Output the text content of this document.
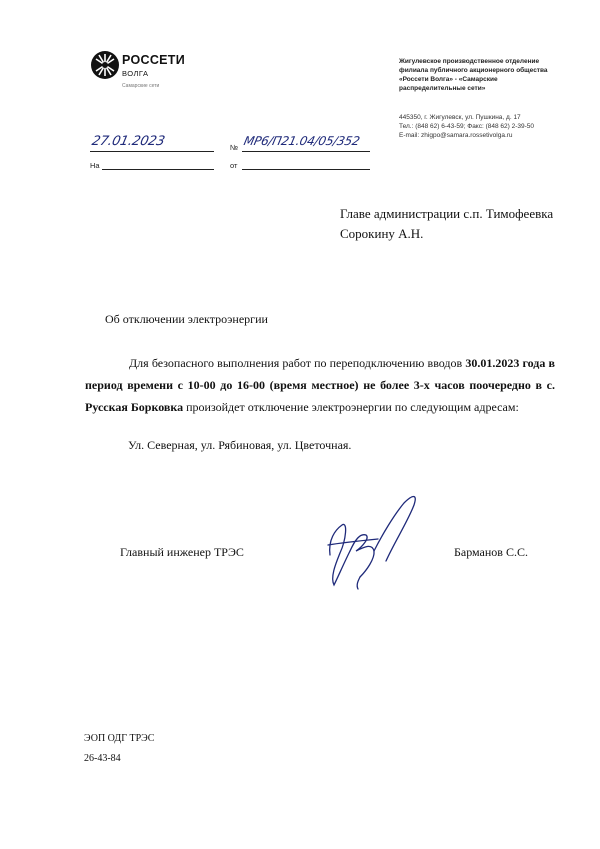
РОССЕТИ
ВОЛГА
Самарские сети
Жигулевское производственное отделение
филиала публичного акционерного общества
«Россети Волга» - «Самарские
распределительные сети»
445350, г. Жигулевск, ул. Пушкина, д. 17
Тел.: (848 62) 6-43-59; Факс: (848 62) 2-39-50
E-mail: zhigpo@samara.rossetivolga.ru
27.01.2023	№ МР6/П21.04/05/352
На	от
Главе администрации с.п. Тимофеевка
Сорокину А.Н.
Об отключении электроэнергии

Для безопасного выполнения работ по переподключению вводов 30.01.2023 года в период времени с 10-00 до 16-00 (время местное) не более 3-х часов поочередно в с. Русская Борковка произойдет отключение электроэнергии по следующим адресам:

Ул. Северная, ул. Рябиновая, ул. Цветочная.
Главный инженер ТРЭС	Барманов С.С.
ЭОП ОДГ ТРЭС
26-43-84
